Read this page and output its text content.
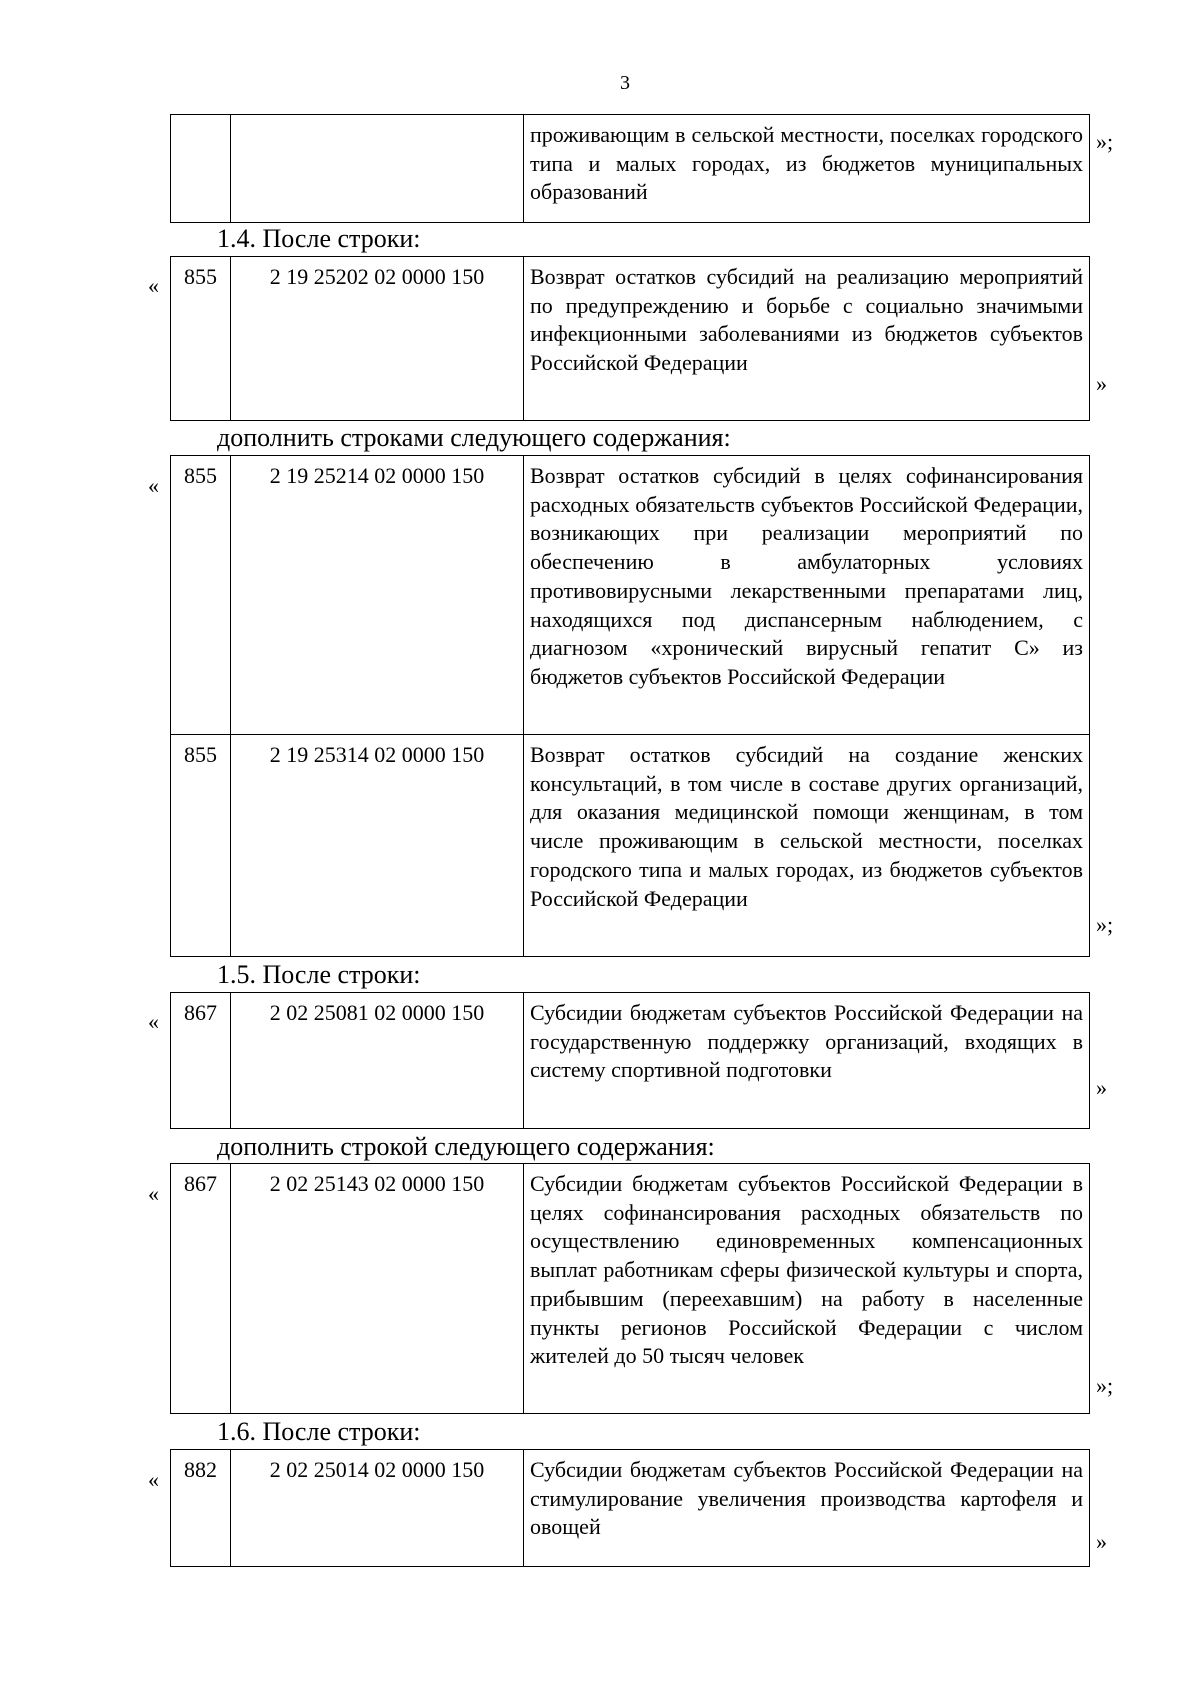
3
		проживающим в сельской местности, поселках городского типа и малых городах, из бюджетов муниципальных образований
»;
1.4. После строки:
855	2 19 25202 02 0000 150	Возврат остатков субсидий на реализацию мероприятий по предупреждению и борьбе с социально значимыми инфекционными заболеваниями из бюджетов субъектов Российской Федерации
«
»
дополнить строками следующего содержания:
855	2 19 25214 02 0000 150	Возврат остатков субсидий в целях софинансирования расходных обязательств субъектов Российской Федерации, возникающих при реализации мероприятий по обеспечению в амбулаторных условиях противовирусными лекарственными препаратами лиц, находящихся под диспансерным наблюдением, с диагнозом «хронический вирусный гепатит С» из бюджетов субъектов Российской Федерации
855	2 19 25314 02 0000 150	Возврат остатков субсидий на создание женских консультаций, в том числе в составе других организаций, для оказания медицинской помощи женщинам, в том числе проживающим в сельской местности, поселках городского типа и малых городах, из бюджетов субъектов Российской Федерации
«
»;
1.5. После строки:
867	2 02 25081 02 0000 150	Субсидии бюджетам субъектов Российской Федерации на государственную поддержку организаций, входящих в систему спортивной подготовки
«
»
дополнить строкой следующего содержания:
867	2 02 25143 02 0000 150	Субсидии бюджетам субъектов Российской Федерации в целях софинансирования расходных обязательств по осуществлению единовременных компенсационных выплат работникам сферы физической культуры и спорта, прибывшим (переехавшим) на работу в населенные пункты регионов Российской Федерации с числом жителей до 50 тысяч человек
«
»;
1.6. После строки:
882	2 02 25014 02 0000 150	Субсидии бюджетам субъектов Российской Федерации на стимулирование увеличения производства картофеля и овощей
«
»
